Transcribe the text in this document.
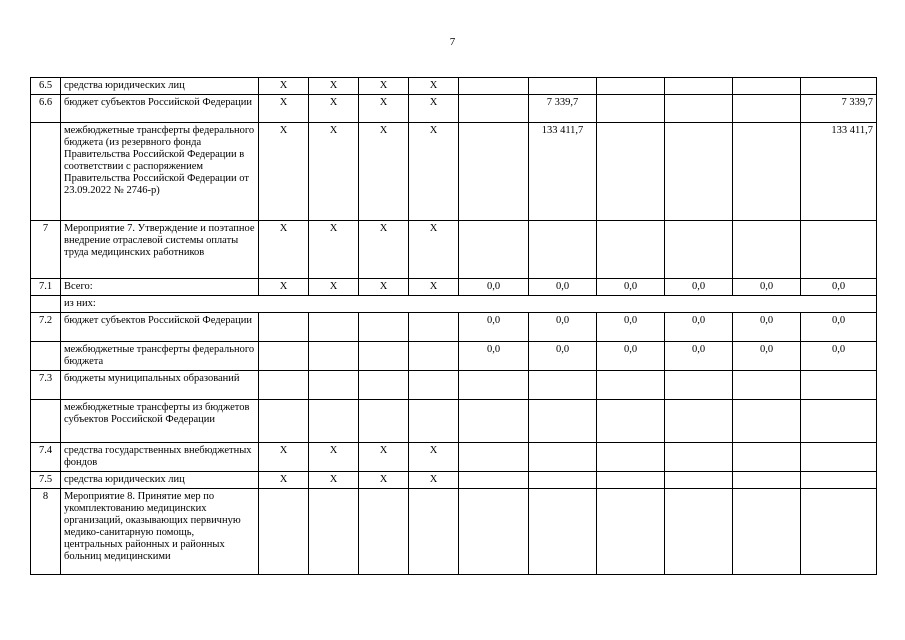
7
6.5	средства юридических лиц	X	X	X	X						
6.6	бюджет субъектов Российской Федерации	X	X	X	X		7 339,7				7 339,7
	межбюджетные трансферты федерального бюджета (из резервного фонда Правительства Российской Федерации в соответствии с распоряжением Правительства Российской Федерации от 23.09.2022 № 2746-р)	X	X	X	X		133 411,7				133 411,7
7	Мероприятие 7. Утверждение и поэтапное внедрение отраслевой системы оплаты труда медицинских работников	X	X	X	X						
7.1	Всего:	X	X	X	X	0,0	0,0	0,0	0,0	0,0	0,0
	из них:										
7.2	бюджет субъектов Российской Федерации					0,0	0,0	0,0	0,0	0,0	0,0
	межбюджетные трансферты федерального бюджета					0,0	0,0	0,0	0,0	0,0	0,0
7.3	бюджеты муниципальных образований										
	межбюджетные трансферты из бюджетов субъектов Российской Федерации										
7.4	средства государственных внебюджетных фондов	X	X	X	X						
7.5	средства юридических лиц	X	X	X	X						
8	Мероприятие 8. Принятие мер по укомплектованию медицинских организаций, оказывающих первичную медико-санитарную помощь, центральных районных и районных больниц медицинскими										
